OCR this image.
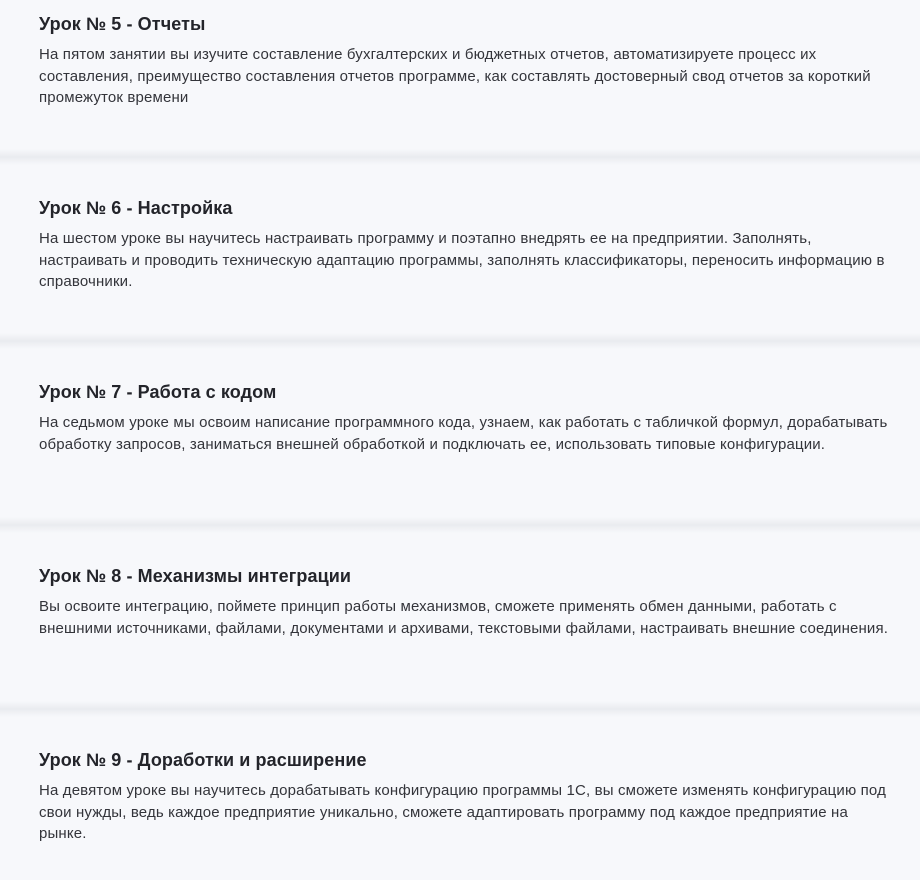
Урок № 5 - Отчеты

На пятом занятии вы изучите составление бухгалтерских и бюджетных отчетов, автоматизируете процесс их составления, преимущество составления отчетов программе, как составлять достоверный свод отчетов за короткий промежуток времени

Урок № 6 - Настройка

На шестом уроке вы научитесь настраивать программу и поэтапно внедрять ее на предприятии. Заполнять, настраивать и проводить техническую адаптацию программы, заполнять классификаторы, переносить информацию в справочники.

Урок № 7 - Работа с кодом

На седьмом уроке мы освоим написание программного кода, узнаем, как работать с табличкой формул, дорабатывать обработку запросов, заниматься внешней обработкой и подключать ее, использовать типовые конфигурации.

Урок № 8 - Механизмы интеграции

Вы освоите интеграцию, поймете принцип работы механизмов, сможете применять обмен данными, работать с внешними источниками, файлами, документами и архивами, текстовыми файлами, настраивать внешние соединения.

Урок № 9 - Доработки и расширение

На девятом уроке вы научитесь дорабатывать конфигурацию программы 1С, вы сможете изменять конфигурацию под свои нужды, ведь каждое предприятие уникально, сможете адаптировать программу под каждое предприятие на рынке.
